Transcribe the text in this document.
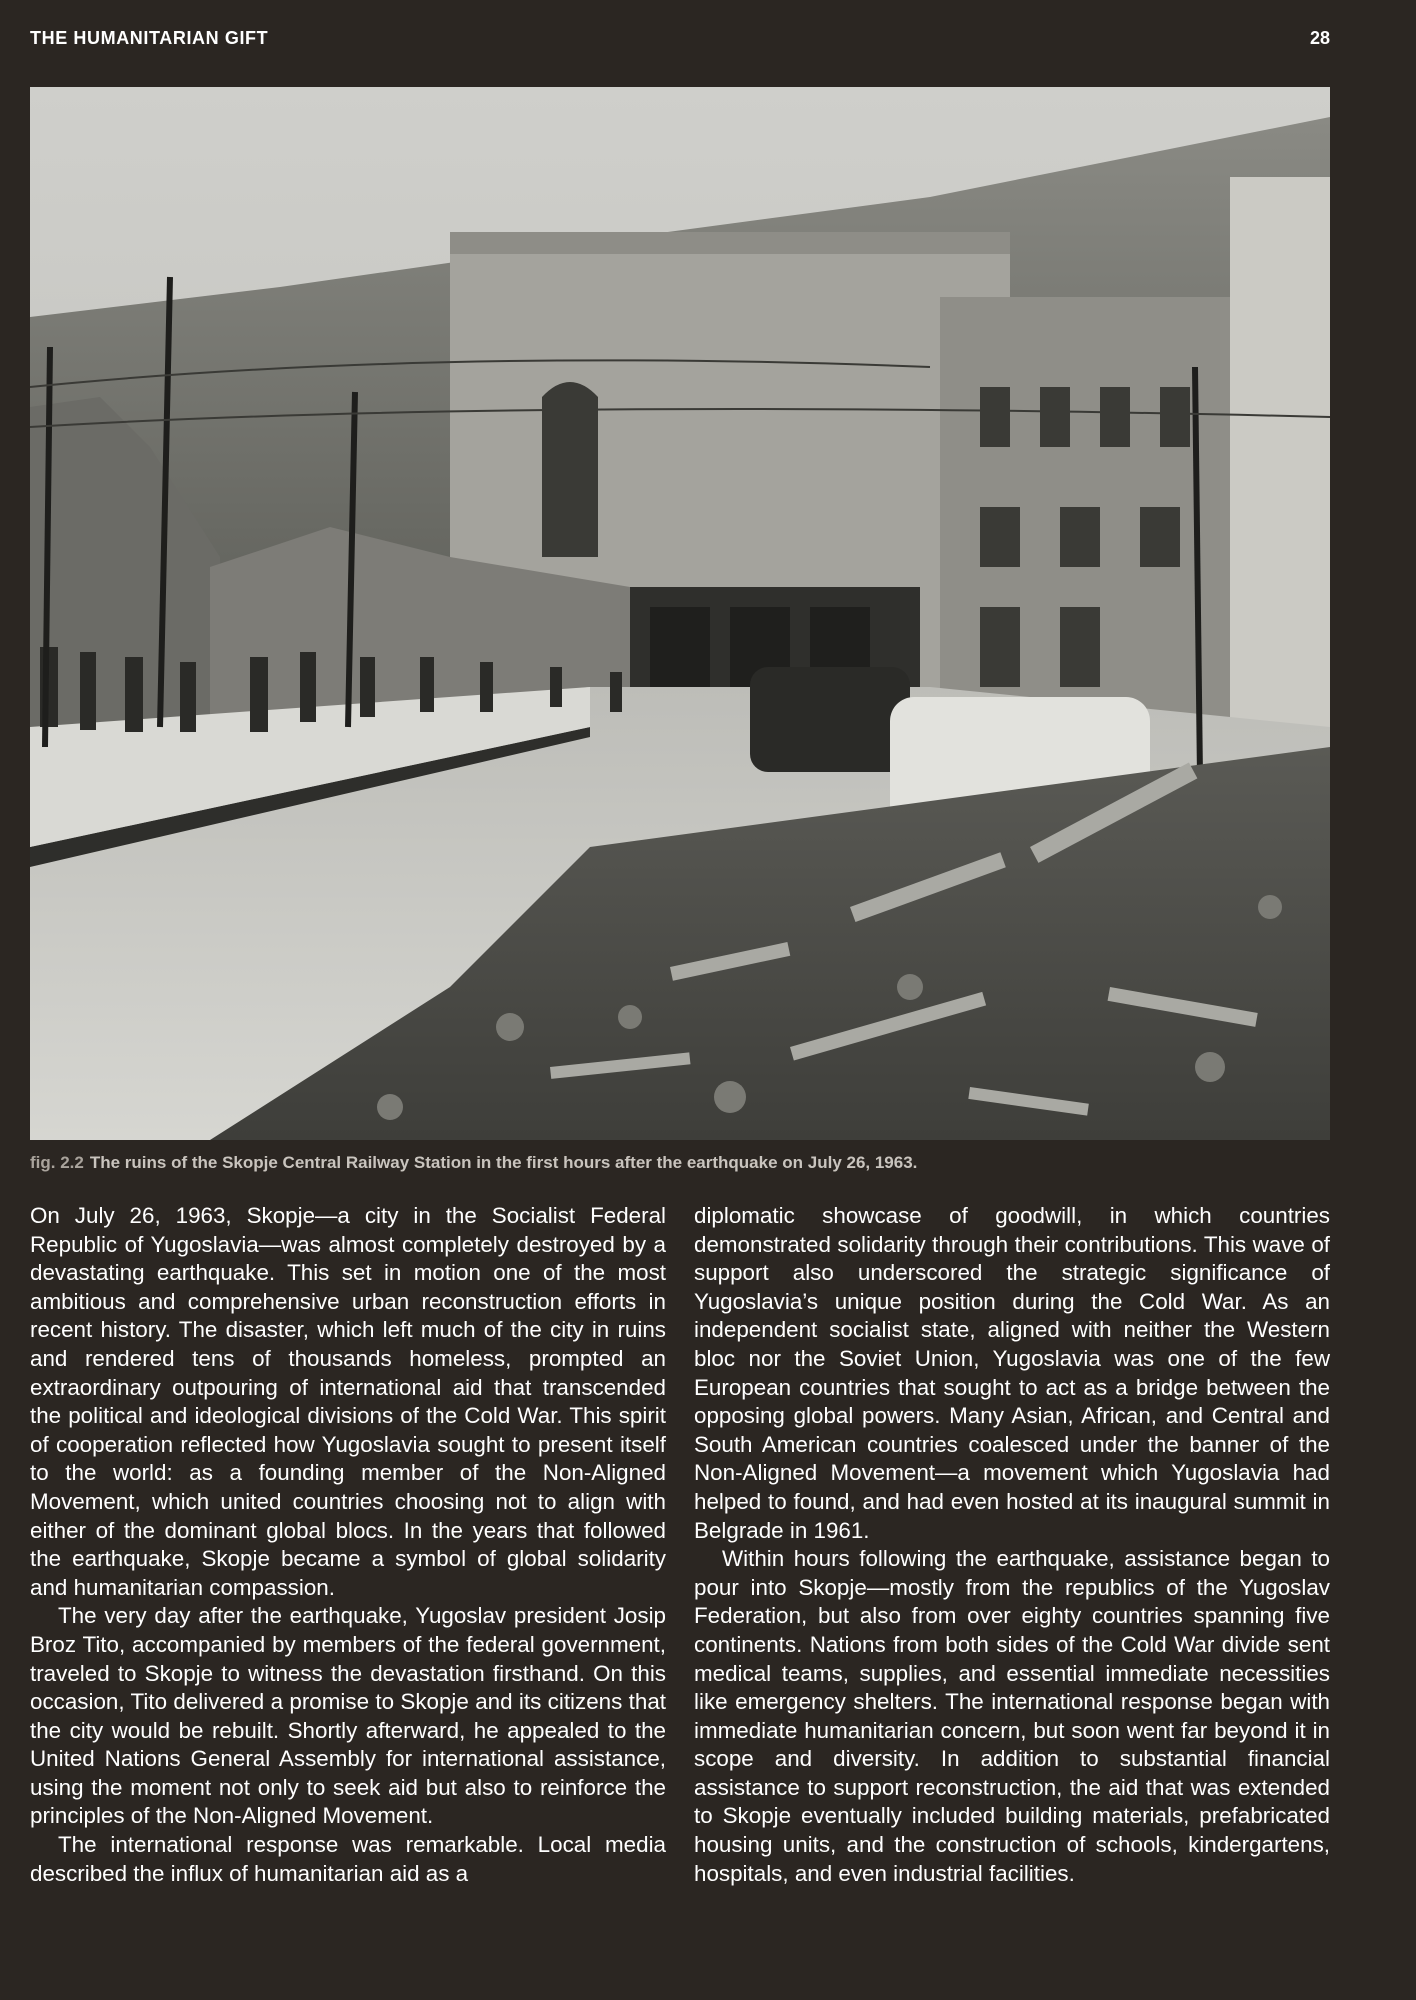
THE HUMANITARIAN GIFT	28
fig. 2.2 The ruins of the Skopje Central Railway Station in the first hours after the earthquake on July 26, 1963.

On July 26, 1963, Skopje—a city in the Socialist Federal Republic of Yugoslavia—was almost completely destroyed by a devastating earthquake. This set in motion one of the most ambitious and comprehensive urban reconstruction efforts in recent history. The disaster, which left much of the city in ruins and rendered tens of thousands homeless, prompted an extraordinary outpouring of international aid that transcended the political and ideological divisions of the Cold War. This spirit of cooperation reflected how Yugoslavia sought to present itself to the world: as a founding member of the Non-Aligned Movement, which united countries choosing not to align with either of the dominant global blocs. In the years that followed the earthquake, Skopje became a symbol of global solidarity and humanitarian compassion.

The very day after the earthquake, Yugoslav president Josip Broz Tito, accompanied by members of the federal government, traveled to Skopje to witness the devastation firsthand. On this occasion, Tito delivered a promise to Skopje and its citizens that the city would be rebuilt. Shortly afterward, he appealed to the United Nations General Assembly for international assistance, using the moment not only to seek aid but also to reinforce the principles of the Non-Aligned Movement.

The international response was remarkable. Local media described the influx of humanitarian aid as a

diplomatic showcase of goodwill, in which countries demonstrated solidarity through their contributions. This wave of support also underscored the strategic significance of Yugoslavia’s unique position during the Cold War. As an independent socialist state, aligned with neither the Western bloc nor the Soviet Union, Yugoslavia was one of the few European countries that sought to act as a bridge between the opposing global powers. Many Asian, African, and Central and South American countries coalesced under the banner of the Non-Aligned Movement—a movement which Yugoslavia had helped to found, and had even hosted at its inaugural summit in Belgrade in 1961.

Within hours following the earthquake, assistance began to pour into Skopje—mostly from the republics of the Yugoslav Federation, but also from over eighty countries spanning five continents. Nations from both sides of the Cold War divide sent medical teams, supplies, and essential immediate necessities like emergency shelters. The international response began with immediate humanitarian concern, but soon went far beyond it in scope and diversity. In addition to substantial financial assistance to support reconstruction, the aid that was extended to Skopje eventually included building materials, prefabricated housing units, and the construction of schools, kindergartens, hospitals, and even industrial facilities.
